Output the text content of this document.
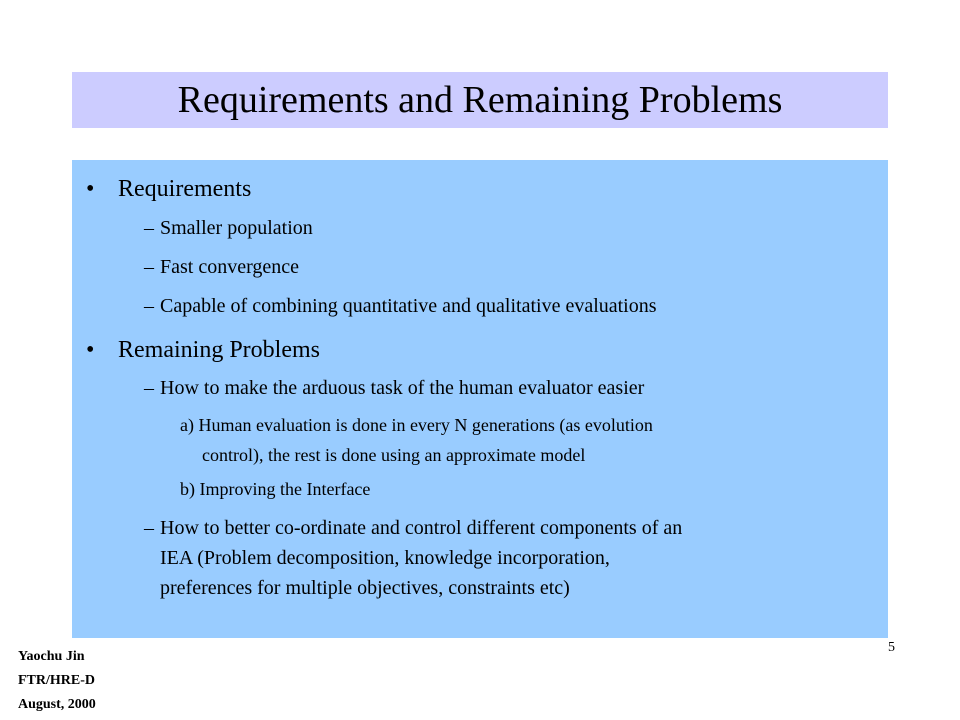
Requirements and Remaining Problems
• Requirements
– Smaller population
– Fast convergence
– Capable of combining quantitative and qualitative evaluations
• Remaining Problems
– How to make the arduous task of the human evaluator easier
a) Human evaluation is done in every N generations (as evolution
control), the rest is done using an approximate model
b) Improving the Interface
– How to better co-ordinate and control different components of an
IEA (Problem decomposition, knowledge incorporation,
preferences for multiple objectives, constraints etc)
Yaochu Jin
FTR/HRE-D
August, 2000
5
